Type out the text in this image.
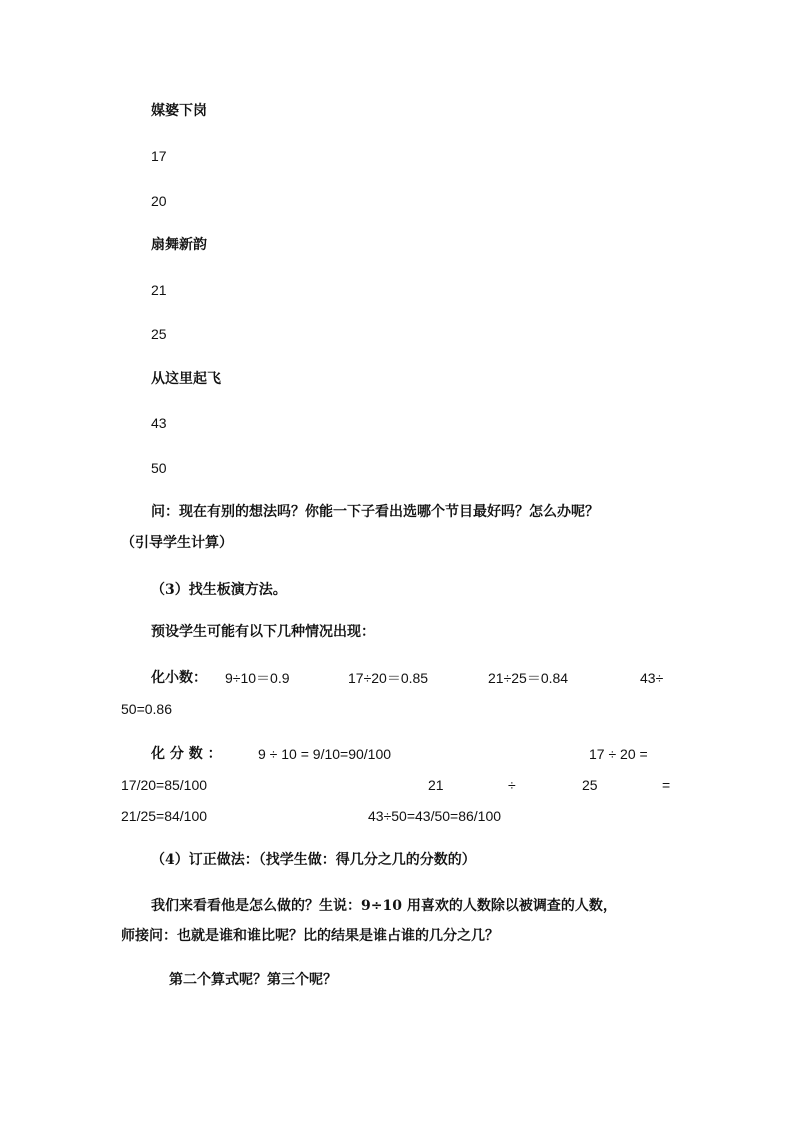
媒婆下岗
17
20
扇舞新韵
21
25
从这里起飞
43
50
问：现在有别的想法吗？你能一下子看出选哪个节目最好吗？怎么办呢？
（引导学生计算）
（3）找生板演方法。
预设学生可能有以下几种情况出现：
化小数： 9÷10＝0.9	17÷20＝0.85	21÷25＝0.84	43÷
50=0.86
化 分 数 ：	9 ÷ 10 = 9/10=90/100	17 ÷ 20 =
17/20=85/100	21	÷	25	=
21/25=84/100	43÷50=43/50=86/100
（4）订正做法：（找学生做：得几分之几的分数的）
我们来看看他是怎么做的？生说：9÷10 用喜欢的人数除以被调查的人数，
师接问：也就是谁和谁比呢？比的结果是谁占谁的几分之几？
第二个算式呢？第三个呢？
